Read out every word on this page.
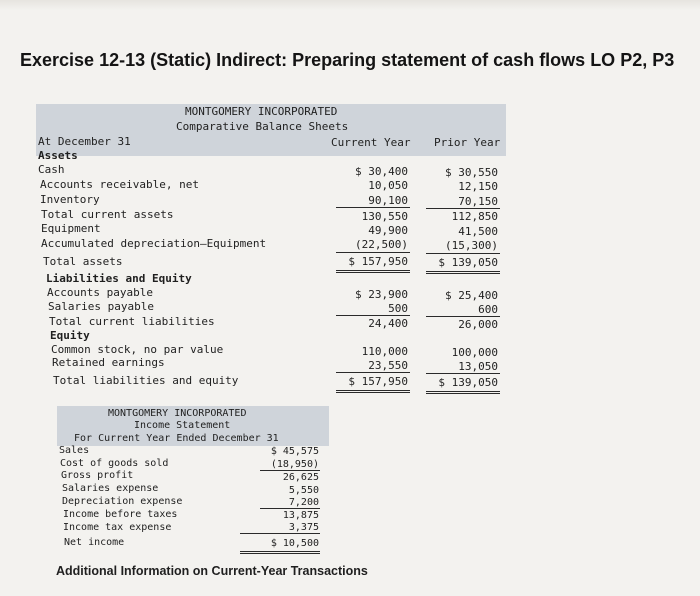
Exercise 12-13 (Static) Indirect: Preparing statement of cash flows LO P2, P3
MONTGOMERY INCORPORATED
Comparative Balance Sheets
At December 31	Current Year Prior Year
Assets
Cash
Accounts receivable, net
Inventory
Total current assets
Equipment
Accumulated depreciation—Equipment
Total assets
Liabilities and Equity
Accounts payable
Salaries payable
Total current liabilities
Equity
Common stock, no par value
Retained earnings
Total liabilities and equity
$ 30,400
10,050
90,100
130,550
49,900
(22,500)
$ 157,950
$ 23,900
500
24,400
110,000
23,550
$ 157,950
$ 30,550
12,150
70,150
112,850
41,500
(15,300)
$ 139,050
$ 25,400
600
26,000
100,000
13,050
$ 139,050
MONTGOMERY INCORPORATED
Income Statement
For Current Year Ended December 31
Sales
Cost of goods sold
Gross profit
Salaries expense
Depreciation expense
Income before taxes
Income tax expense
Net income
$ 45,575
(18,950)
26,625
5,550
7,200
13,875
3,375
$ 10,500
Additional Information on Current-Year Transactions
